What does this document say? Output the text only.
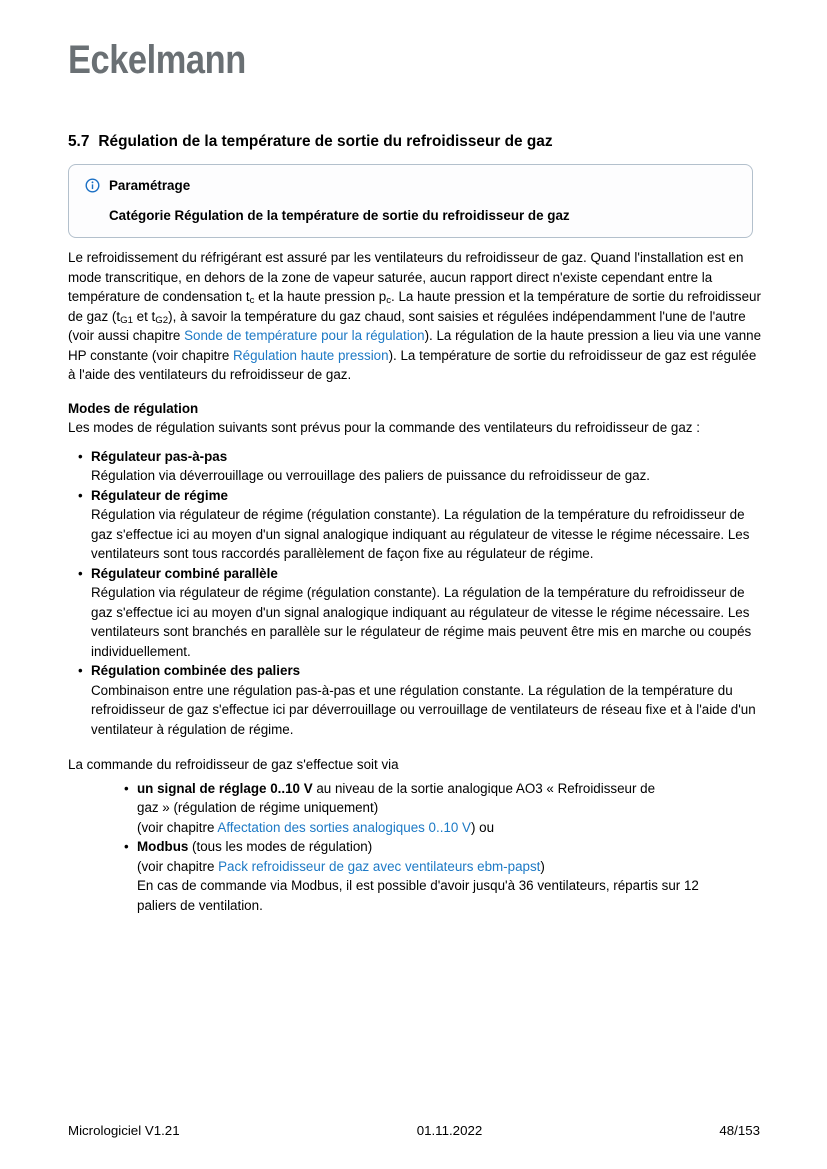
Eckelmann
5.7 Régulation de la température de sortie du refroidisseur de gaz
Paramétrage
Catégorie Régulation de la température de sortie du refroidisseur de gaz

Le refroidissement du réfrigérant est assuré par les ventilateurs du refroidisseur de gaz. Quand l'installation est en mode transcritique, en dehors de la zone de vapeur saturée, aucun rapport direct n'existe cependant entre la température de condensation $t_c$ et la haute pression $p_c$. La haute pression et la température de sortie du refroidisseur de gaz ($t_{G1}$ et $t_{G2}$), à savoir la température du gaz chaud, sont saisies et régulées indépendamment l'une de l'autre (voir aussi chapitre Sonde de température pour la régulation). La régulation de la haute pression a lieu via une vanne HP constante (voir chapitre Régulation haute pression). La température de sortie du refroidisseur de gaz est régulée à l'aide des ventilateurs du refroidisseur de gaz.

Modes de régulation
Les modes de régulation suivants sont prévus pour la commande des ventilateurs du refroidisseur de gaz :
• Régulateur pas-à-pas
Régulation via déverrouillage ou verrouillage des paliers de puissance du refroidisseur de gaz.
• Régulateur de régime
Régulation via régulateur de régime (régulation constante). La régulation de la température du refroidisseur de gaz s'effectue ici au moyen d'un signal analogique indiquant au régulateur de vitesse le régime nécessaire. Les ventilateurs sont tous raccordés parallèlement de façon fixe au régulateur de régime.
• Régulateur combiné parallèle
Régulation via régulateur de régime (régulation constante). La régulation de la température du refroidisseur de gaz s'effectue ici au moyen d'un signal analogique indiquant au régulateur de vitesse le régime nécessaire. Les ventilateurs sont branchés en parallèle sur le régulateur de régime mais peuvent être mis en marche ou coupés individuellement.
• Régulation combinée des paliers
Combinaison entre une régulation pas-à-pas et une régulation constante. La régulation de la température du refroidisseur de gaz s'effectue ici par déverrouillage ou verrouillage de ventilateurs de réseau fixe et à l'aide d'un ventilateur à régulation de régime.

La commande du refroidisseur de gaz s'effectue soit via

• un signal de réglage 0..10 V au niveau de la sortie analogique AO3 « Refroidisseur de
gaz » (régulation de régime uniquement)
(voir chapitre Affectation des sorties analogiques 0..10 V) ou
• Modbus (tous les modes de régulation)
(voir chapitre Pack refroidisseur de gaz avec ventilateurs ebm-papst)
En cas de commande via Modbus, il est possible d'avoir jusqu'à 36 ventilateurs, répartis sur 12
paliers de ventilation.
Micrologiciel V1.21	01.11.2022	48/153
